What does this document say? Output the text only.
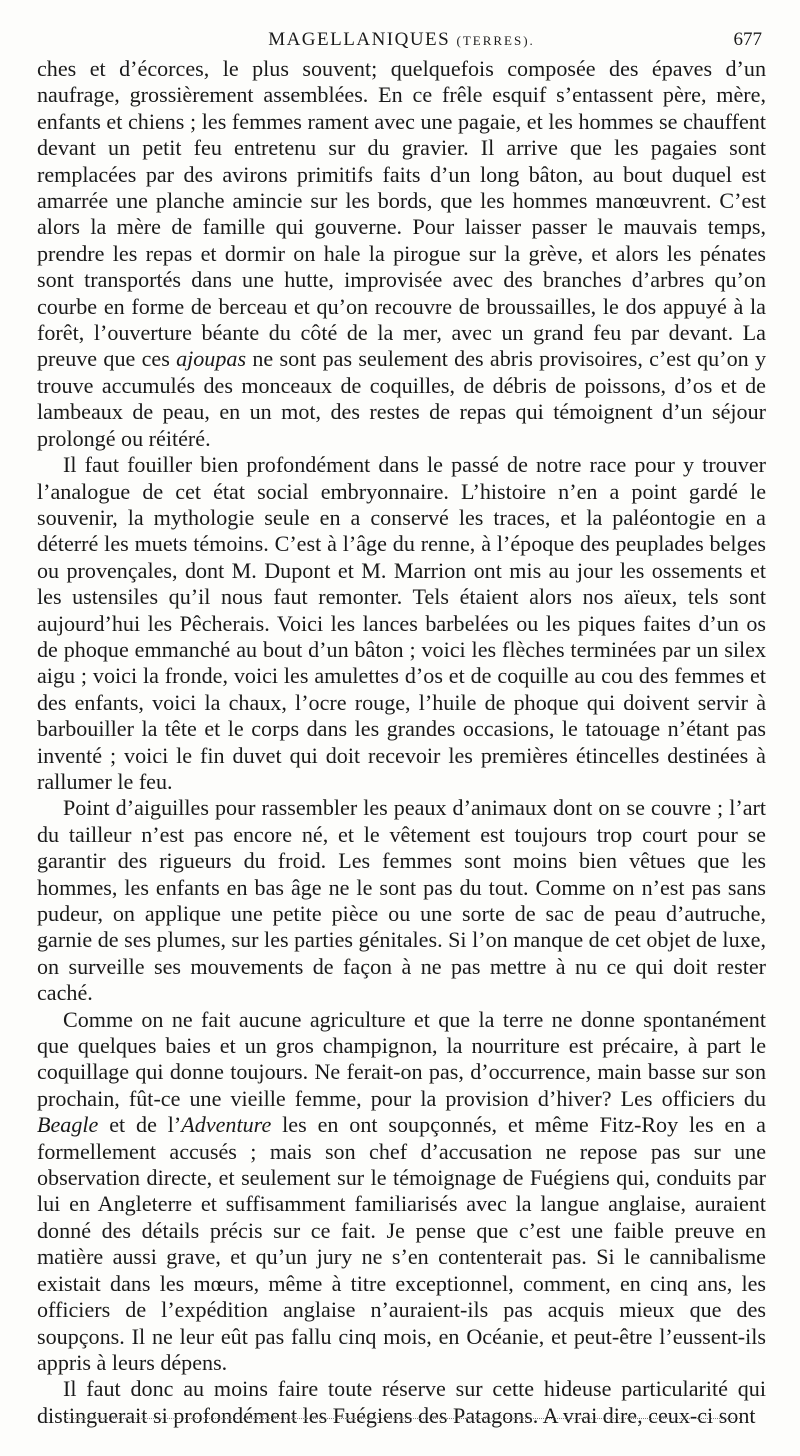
MAGELLANIQUES (TERRES).	677

ches et d’écorces, le plus souvent; quelquefois composée des épaves d’un naufrage, grossièrement assemblées. En ce frêle esquif s’entassent père, mère, enfants et chiens ; les femmes rament avec une pagaie, et les hommes se chauffent devant un petit feu entretenu sur du gravier. Il arrive que les pagaies sont remplacées par des avirons primitifs faits d’un long bâton, au bout duquel est amarrée une planche amincie sur les bords, que les hommes manœuvrent. C’est alors la mère de famille qui gouverne. Pour laisser passer le mauvais temps, prendre les repas et dormir on hale la pirogue sur la grève, et alors les pénates sont transportés dans une hutte, improvisée avec des branches d’arbres qu’on courbe en forme de berceau et qu’on recouvre de broussailles, le dos appuyé à la forêt, l’ouverture béante du côté de la mer, avec un grand feu par devant. La preuve que ces ajoupas ne sont pas seulement des abris provisoires, c’est qu’on y trouve accumulés des monceaux de coquilles, de débris de poissons, d’os et de lambeaux de peau, en un mot, des restes de repas qui témoignent d’un séjour prolongé ou réitéré.

Il faut fouiller bien profondément dans le passé de notre race pour y trouver l’analogue de cet état social embryonnaire. L’histoire n’en a point gardé le souvenir, la mythologie seule en a conservé les traces, et la paléontogie en a déterré les muets témoins. C’est à l’âge du renne, à l’époque des peuplades belges ou provençales, dont M. Dupont et M. Marrion ont mis au jour les ossements et les ustensiles qu’il nous faut remonter. Tels étaient alors nos aïeux, tels sont aujourd’hui les Pêcherais. Voici les lances barbelées ou les piques faites d’un os de phoque emmanché au bout d’un bâton ; voici les flèches terminées par un silex aigu ; voici la fronde, voici les amulettes d’os et de coquille au cou des femmes et des enfants, voici la chaux, l’ocre rouge, l’huile de phoque qui doivent servir à barbouiller la tête et le corps dans les grandes occasions, le tatouage n’étant pas inventé ; voici le fin duvet qui doit recevoir les premières étincelles destinées à rallumer le feu.

Point d’aiguilles pour rassembler les peaux d’animaux dont on se couvre ; l’art du tailleur n’est pas encore né, et le vêtement est toujours trop court pour se garantir des rigueurs du froid. Les femmes sont moins bien vêtues que les hommes, les enfants en bas âge ne le sont pas du tout. Comme on n’est pas sans pudeur, on applique une petite pièce ou une sorte de sac de peau d’autruche, garnie de ses plumes, sur les parties génitales. Si l’on manque de cet objet de luxe, on surveille ses mouvements de façon à ne pas mettre à nu ce qui doit rester caché.

Comme on ne fait aucune agriculture et que la terre ne donne spontanément que quelques baies et un gros champignon, la nourriture est précaire, à part le coquillage qui donne toujours. Ne ferait-on pas, d’occurrence, main basse sur son prochain, fût-ce une vieille femme, pour la provision d’hiver? Les officiers du Beagle et de l’Adventure les en ont soupçonnés, et même Fitz-Roy les en a formellement accusés ; mais son chef d’accusation ne repose pas sur une observation directe, et seulement sur le témoignage de Fuégiens qui, conduits par lui en Angleterre et suffisamment familiarisés avec la langue anglaise, auraient donné des détails précis sur ce fait. Je pense que c’est une faible preuve en matière aussi grave, et qu’un jury ne s’en contenterait pas. Si le cannibalisme existait dans les mœurs, même à titre exceptionnel, comment, en cinq ans, les officiers de l’expédition anglaise n’auraient-ils pas acquis mieux que des soupçons. Il ne leur eût pas fallu cinq mois, en Océanie, et peut-être l’eussent-ils appris à leurs dépens.

Il faut donc au moins faire toute réserve sur cette hideuse particularité qui distinguerait si profondément les Fuégiens des Patagons. A vrai dire, ceux-ci sont
